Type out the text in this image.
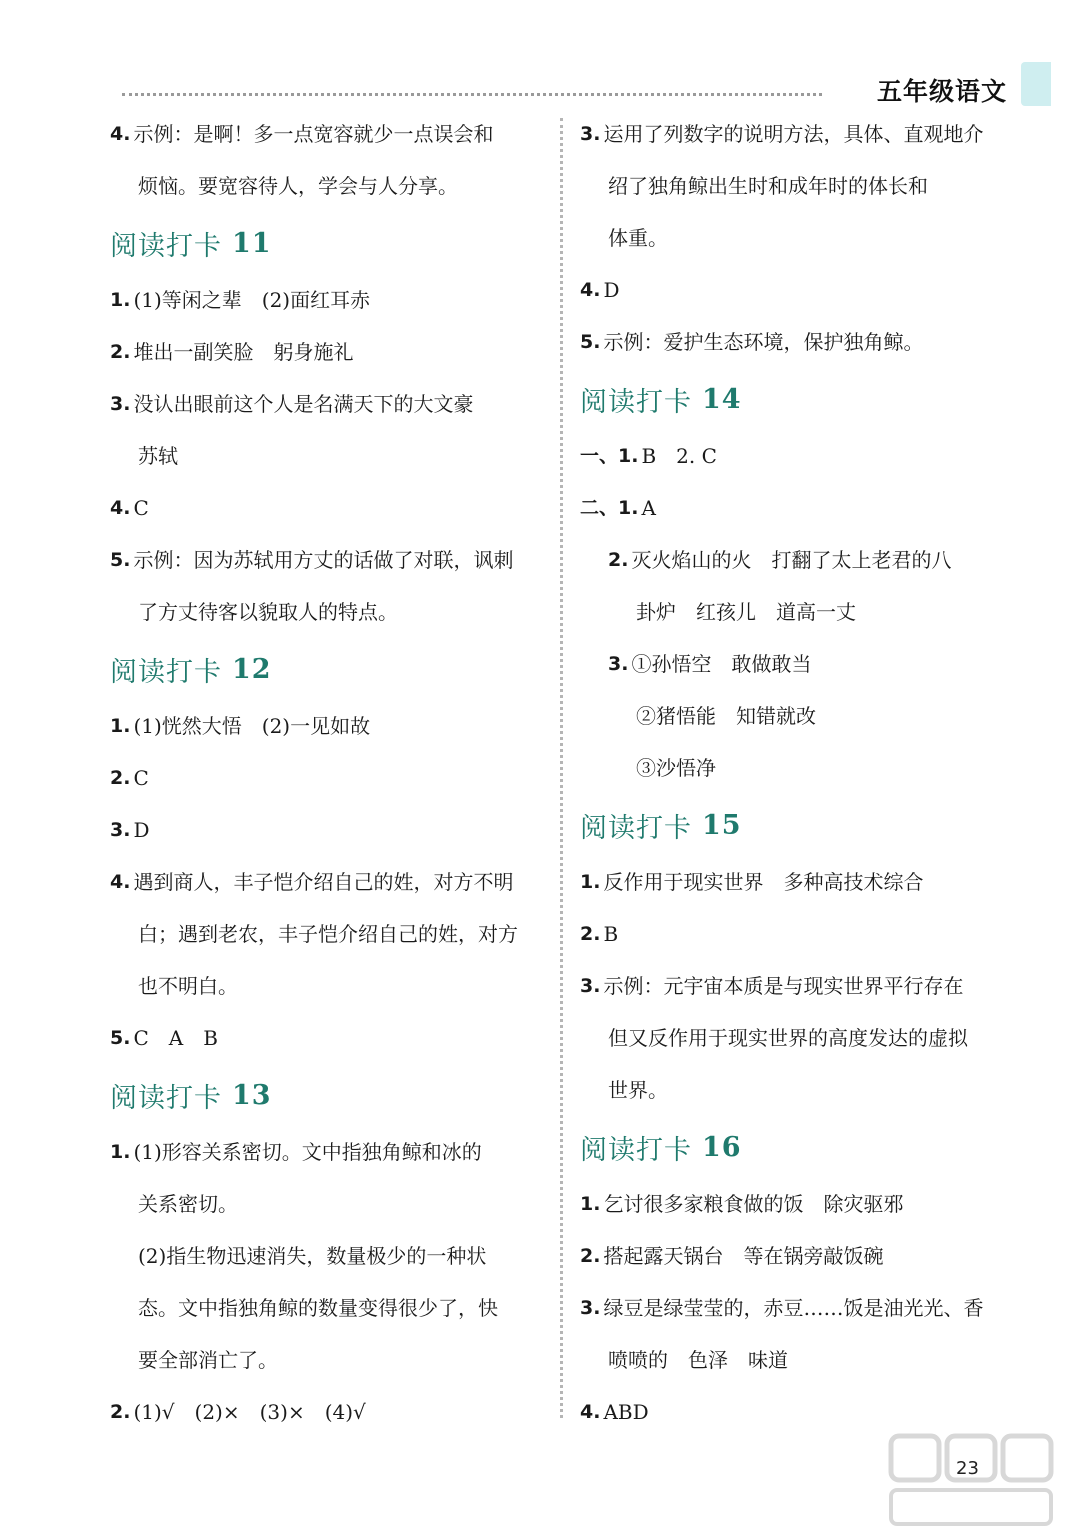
五年级语文
4. 示例：是啊！多一点宽容就少一点误会和
烦恼。要宽容待人，学会与人分享。
阅读打卡 11
1. (1)等闲之辈　(2)面红耳赤
2. 堆出一副笑脸　躬身施礼
3. 没认出眼前这个人是名满天下的大文豪
苏轼
4. C
5. 示例：因为苏轼用方丈的话做了对联，讽刺
了方丈待客以貌取人的特点。
阅读打卡 12
1. (1)恍然大悟　(2)一见如故
2. C
3. D
4. 遇到商人，丰子恺介绍自己的姓，对方不明
白；遇到老农，丰子恺介绍自己的姓，对方
也不明白。
5. C　A　B
阅读打卡 13
1. (1)形容关系密切。文中指独角鲸和冰的
关系密切。
(2)指生物迅速消失，数量极少的一种状
态。文中指独角鲸的数量变得很少了，快
要全部消亡了。
2. (1)√　(2)×　(3)×　(4)√
3. 运用了列数字的说明方法，具体、直观地介
绍了独角鲸出生时和成年时的体长和
体重。
4. D
5. 示例：爱护生态环境，保护独角鲸。
阅读打卡 14
一、1. B　2. C
二、1. A
2. 灭火焰山的火　打翻了太上老君的八
卦炉　红孩儿　道高一丈
3. ①孙悟空　敢做敢当
②猪悟能　知错就改
③沙悟净
阅读打卡 15
1. 反作用于现实世界　多种高技术综合
2. B
3. 示例：元宇宙本质是与现实世界平行存在
但又反作用于现实世界的高度发达的虚拟
世界。
阅读打卡 16
1. 乞讨很多家粮食做的饭　除灾驱邪
2. 搭起露天锅台　等在锅旁敲饭碗
3. 绿豆是绿莹莹的，赤豆……饭是油光光、香
喷喷的　色泽　味道
4. ABD
23
